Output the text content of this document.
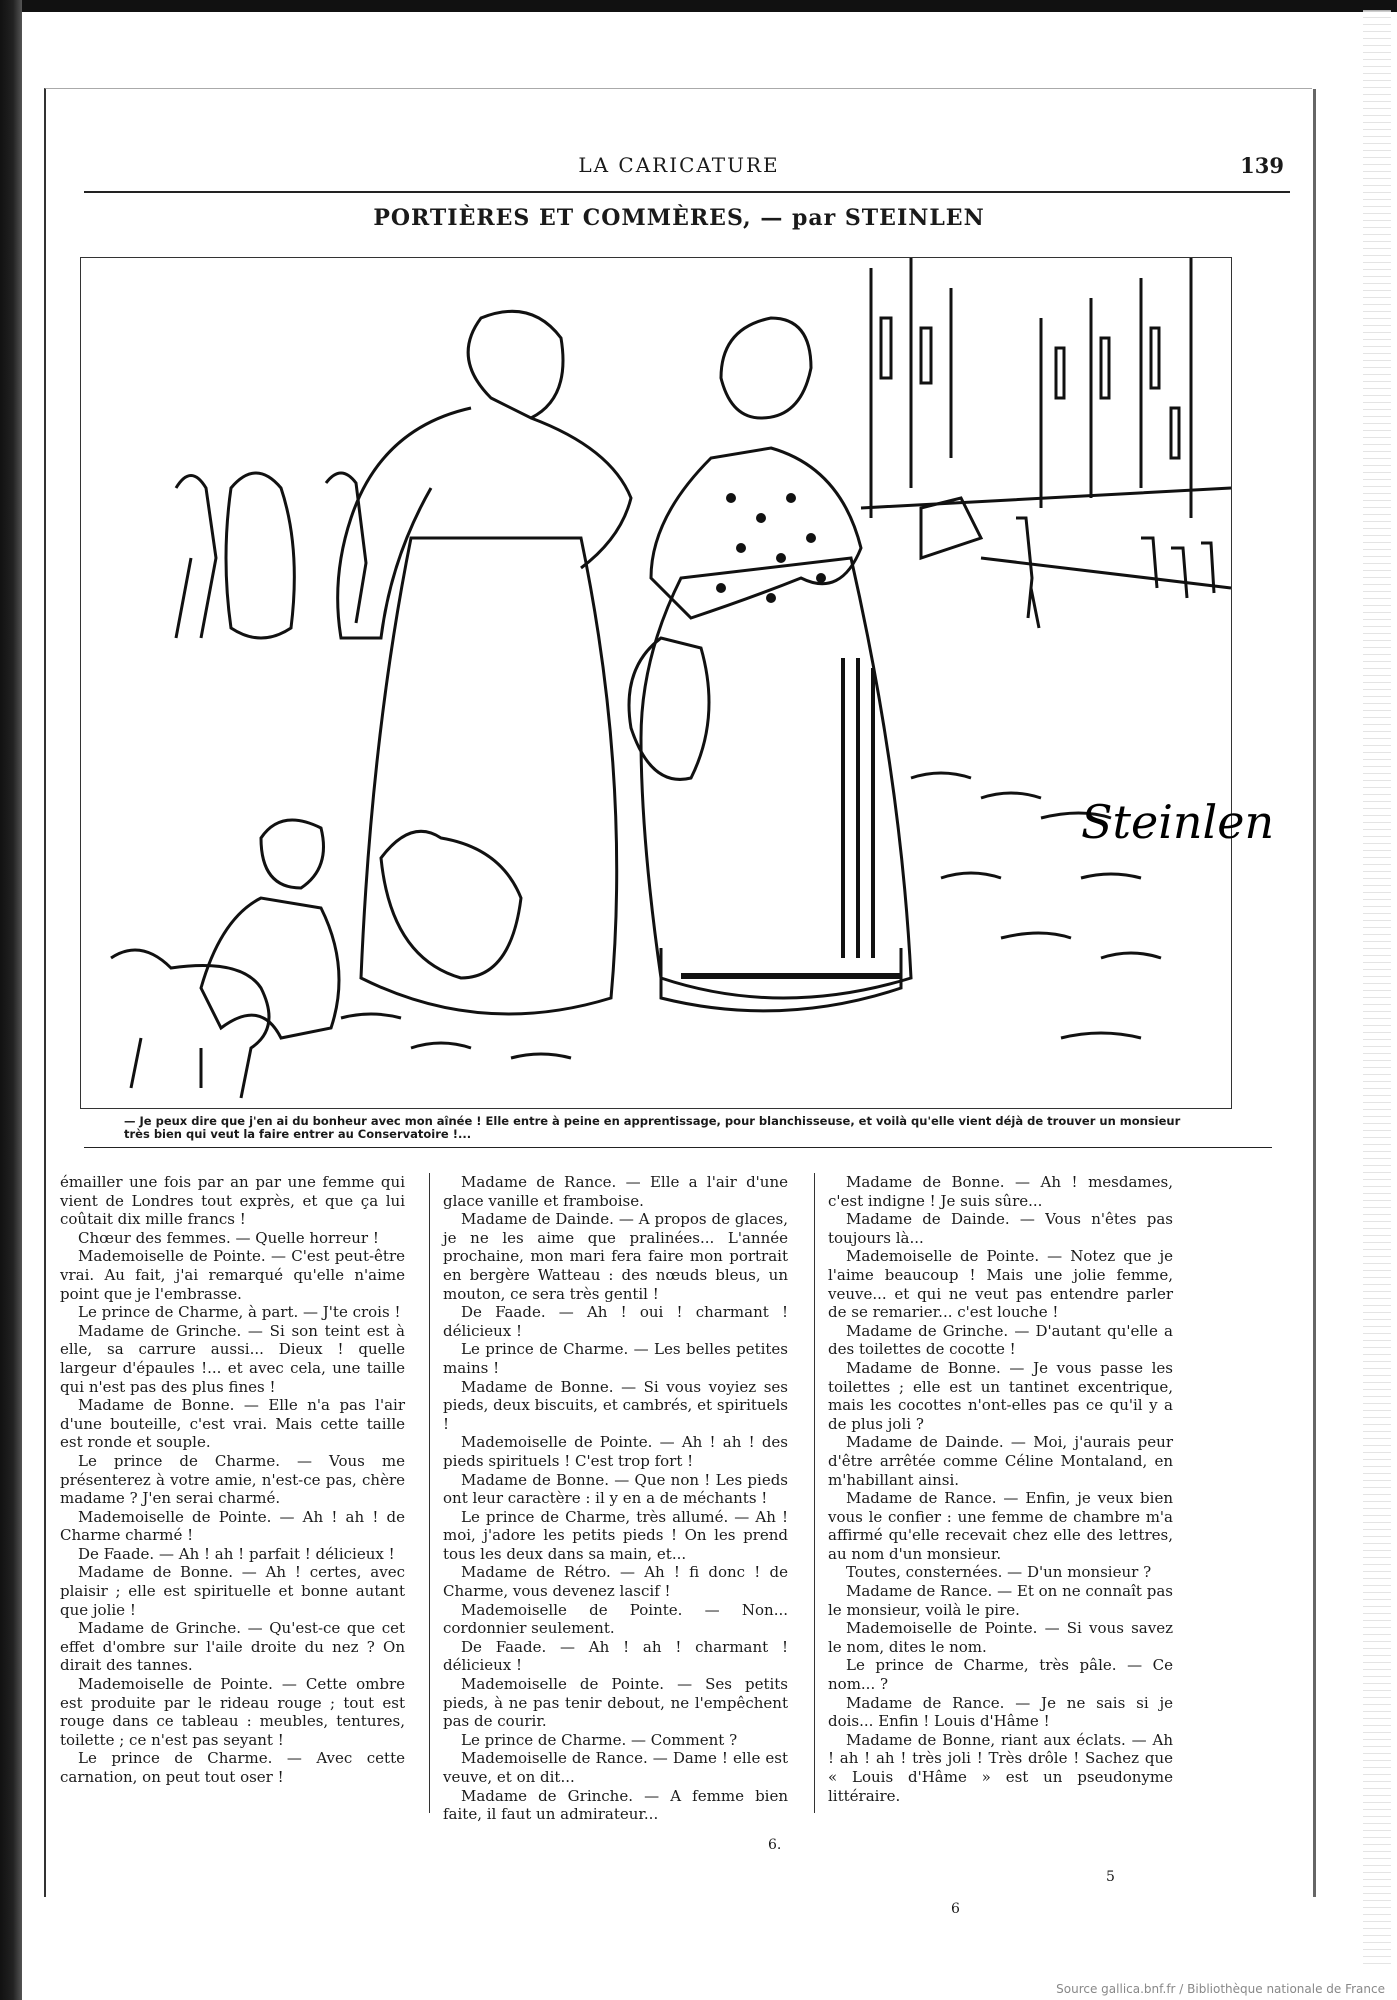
LA CARICATURE	139
PORTIÈRES ET COMMÈRES, — par STEINLEN
Steinlen
— Je peux dire que j'en ai du bonheur avec mon aînée ! Elle entre à peine en apprentissage, pour blanchisseuse, et voilà qu'elle vient déjà de trouver un monsieur très bien qui veut la faire entrer au Conservatoire !...

émailler une fois par an par une femme qui vient de Londres tout exprès, et que ça lui coûtait dix mille francs !

Chœur des femmes. — Quelle horreur !

Mademoiselle de Pointe. — C'est peut-être vrai. Au fait, j'ai remarqué qu'elle n'aime point que je l'embrasse.

Le prince de Charme, à part. — J'te crois !

Madame de Grinche. — Si son teint est à elle, sa carrure aussi... Dieux ! quelle largeur d'épaules !... et avec cela, une taille qui n'est pas des plus fines !

Madame de Bonne. — Elle n'a pas l'air d'une bouteille, c'est vrai. Mais cette taille est ronde et souple.

Le prince de Charme. — Vous me présenterez à votre amie, n'est-ce pas, chère madame ? J'en serai charmé.

Mademoiselle de Pointe. — Ah ! ah ! de Charme charmé !

De Faade. — Ah ! ah ! parfait ! délicieux !

Madame de Bonne. — Ah ! certes, avec plaisir ; elle est spirituelle et bonne autant que jolie !

Madame de Grinche. — Qu'est-ce que cet effet d'ombre sur l'aile droite du nez ? On dirait des tannes.

Mademoiselle de Pointe. — Cette ombre est produite par le rideau rouge ; tout est rouge dans ce tableau : meubles, tentures, toilette ; ce n'est pas seyant !

Le prince de Charme. — Avec cette carnation, on peut tout oser !

Madame de Rance. — Elle a l'air d'une glace vanille et framboise.

Madame de Dainde. — A propos de glaces, je ne les aime que pralinées... L'année prochaine, mon mari fera faire mon portrait en bergère Watteau : des nœuds bleus, un mouton, ce sera très gentil !

De Faade. — Ah ! oui ! charmant ! délicieux !

Le prince de Charme. — Les belles petites mains !

Madame de Bonne. — Si vous voyiez ses pieds, deux biscuits, et cambrés, et spirituels !

Mademoiselle de Pointe. — Ah ! ah ! des pieds spirituels ! C'est trop fort !

Madame de Bonne. — Que non ! Les pieds ont leur caractère : il y en a de méchants !

Le prince de Charme, très allumé. — Ah ! moi, j'adore les petits pieds ! On les prend tous les deux dans sa main, et...

Madame de Rétro. — Ah ! fi donc ! de Charme, vous devenez lascif !

Mademoiselle de Pointe. — Non... cordonnier seulement.

De Faade. — Ah ! ah ! charmant ! délicieux !

Mademoiselle de Pointe. — Ses petits pieds, à ne pas tenir debout, ne l'empêchent pas de courir.

Le prince de Charme. — Comment ?

Mademoiselle de Rance. — Dame ! elle est veuve, et on dit...

Madame de Grinche. — A femme bien faite, il faut un admirateur...

Madame de Bonne. — Ah ! mesdames, c'est indigne ! Je suis sûre...

Madame de Dainde. — Vous n'êtes pas toujours là...

Mademoiselle de Pointe. — Notez que je l'aime beaucoup ! Mais une jolie femme, veuve... et qui ne veut pas entendre parler de se remarier... c'est louche !

Madame de Grinche. — D'autant qu'elle a des toilettes de cocotte !

Madame de Bonne. — Je vous passe les toilettes ; elle est un tantinet excentrique, mais les cocottes n'ont-elles pas ce qu'il y a de plus joli ?

Madame de Dainde. — Moi, j'aurais peur d'être arrêtée comme Céline Montaland, en m'habillant ainsi.

Madame de Rance. — Enfin, je veux bien vous le confier : une femme de chambre m'a affirmé qu'elle recevait chez elle des lettres, au nom d'un monsieur.

Toutes, consternées. — D'un monsieur ?

Madame de Rance. — Et on ne connaît pas le monsieur, voilà le pire.

Mademoiselle de Pointe. — Si vous savez le nom, dites le nom.

Le prince de Charme, très pâle. — Ce nom... ?

Madame de Rance. — Je ne sais si je dois... Enfin ! Louis d'Hâme !

Madame de Bonne, riant aux éclats. — Ah ! ah ! ah ! très joli ! Très drôle ! Sachez que « Louis d'Hâme » est un pseudonyme littéraire.

6.
5
6
Source gallica.bnf.fr / Bibliothèque nationale de France
